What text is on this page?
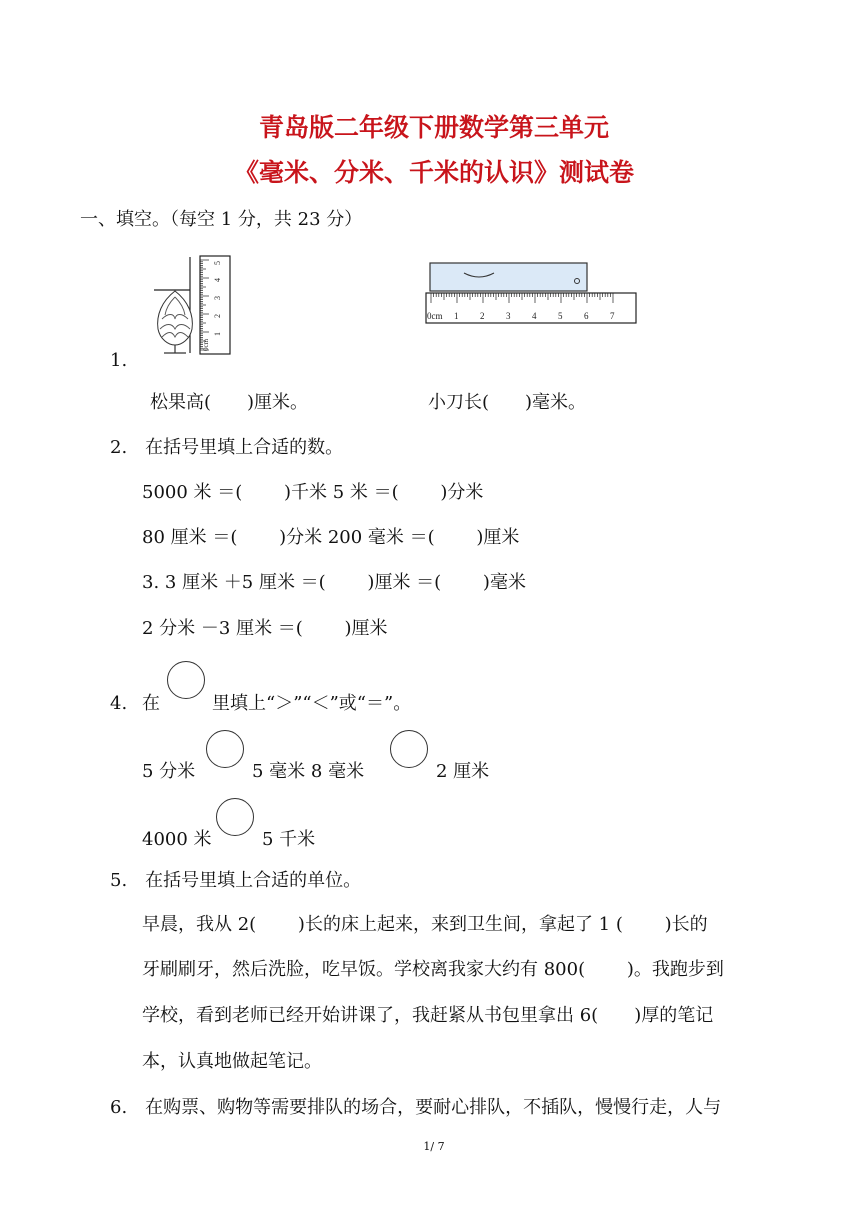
青岛版二年级下册数学第三单元
《毫米、分米、千米的认识》测试卷
一、填空。（每空 1 分，共 23 分）
0cm
1
2
3
4
5
0cm 1 2 3 4 5 6 7
1.
松果高(　　)厘米。	小刀长(　　)毫米。
2.　在括号里填上合适的数。
5000 米 ＝(　　 )千米 5 米 ＝(　　 )分米
80 厘米 ＝(　　 )分米 200 毫米 ＝(　　 )厘米
3. 3 厘米 ＋5 厘米 ＝(　　 )厘米 ＝(　　 )毫米
2 分米 －3 厘米 ＝(　　 )厘米
4. 在	里填上“＞”“＜”或“＝”。
5 分米	5 毫米 8 毫米	2 厘米
4000 米	5 千米
5.　在括号里填上合适的单位。
早晨，我从 2(　　 )长的床上起来，来到卫生间，拿起了 1 (　　 )长的
牙刷刷牙，然后洗脸，吃早饭。学校离我家大约有 800(　　 )。我跑步到
学校，看到老师已经开始讲课了，我赶紧从书包里拿出 6(　　)厚的笔记
本，认真地做起笔记。
6.　在购票、购物等需要排队的场合，要耐心排队，不插队，慢慢行走，人与
1/ 7
